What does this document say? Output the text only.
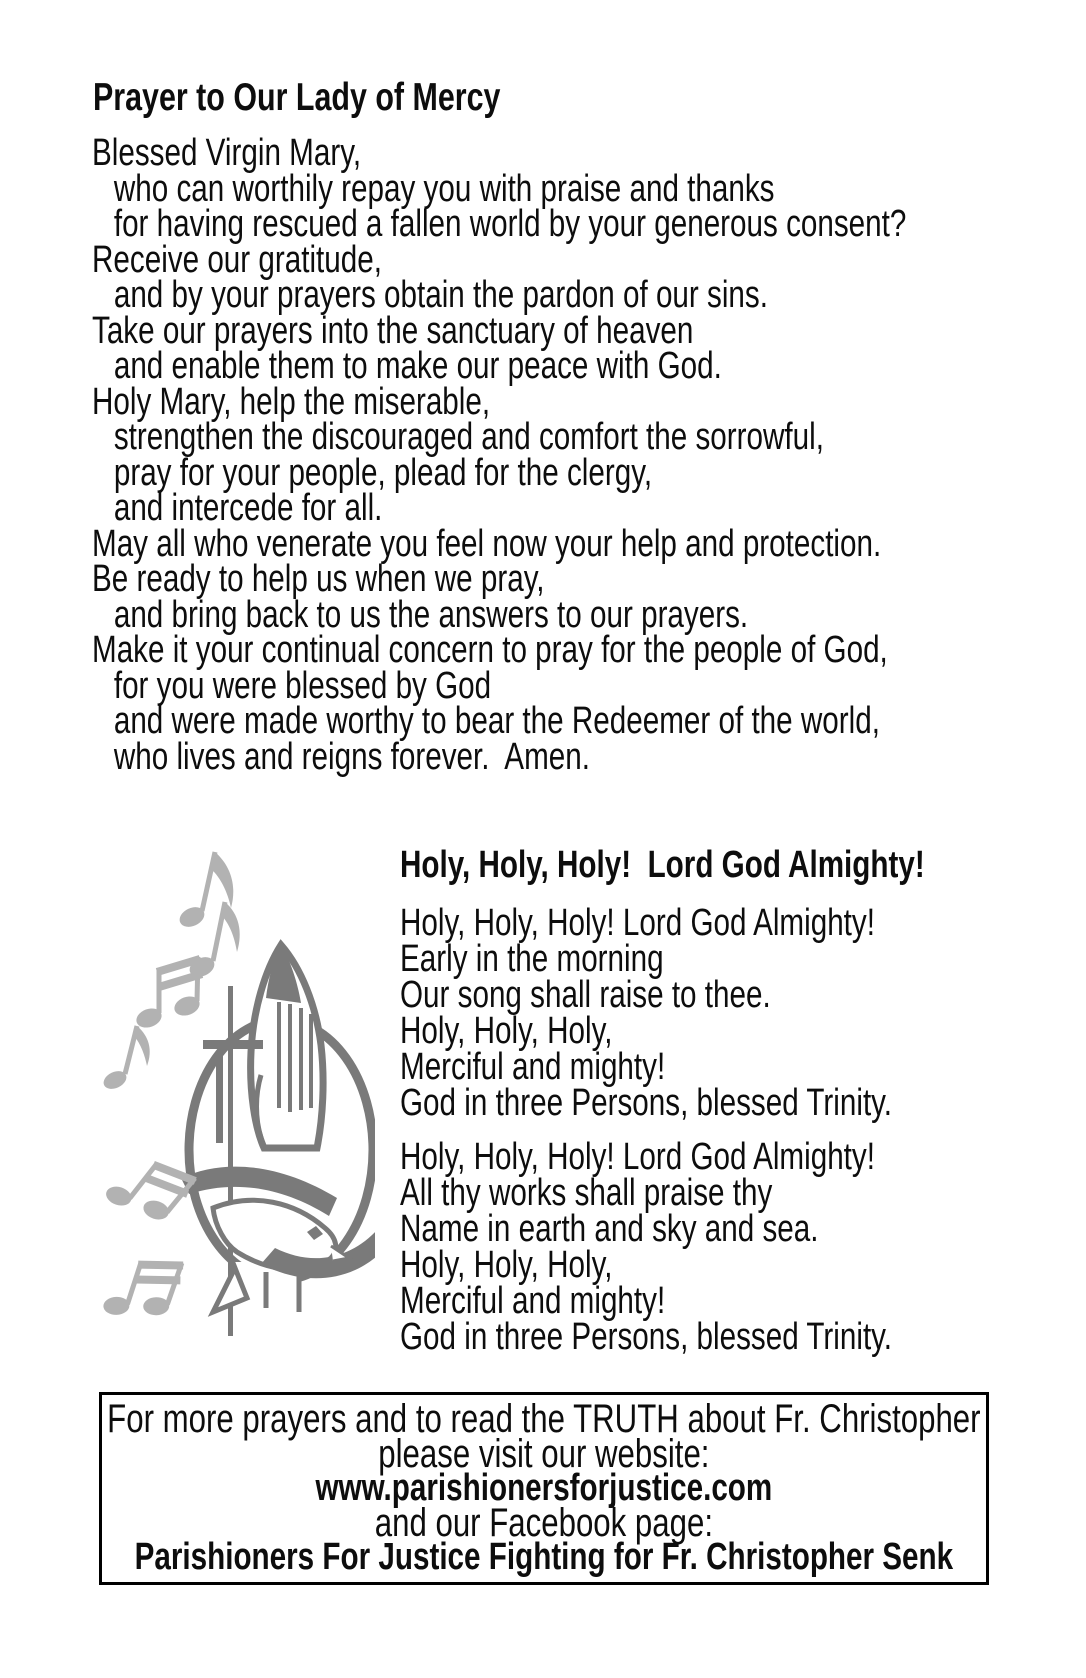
Prayer to Our Lady of Mercy
Blessed Virgin Mary,
who can worthily repay you with praise and thanks
for having rescued a fallen world by your generous consent?
Receive our gratitude,
and by your prayers obtain the pardon of our sins.
Take our prayers into the sanctuary of heaven
and enable them to make our peace with God.
Holy Mary, help the miserable,
strengthen the discouraged and comfort the sorrowful,
pray for your people, plead for the clergy,
and intercede for all.
May all who venerate you feel now your help and protection.
Be ready to help us when we pray,
and bring back to us the answers to our prayers.
Make it your continual concern to pray for the people of God,
for you were blessed by God
and were made worthy to bear the Redeemer of the world,
who lives and reigns forever.  Amen.
Holy, Holy, Holy!  Lord God Almighty!
Holy, Holy, Holy! Lord God Almighty!
Early in the morning
Our song shall raise to thee.
Holy, Holy, Holy,
Merciful and mighty!
God in three Persons, blessed Trinity.
Holy, Holy, Holy! Lord God Almighty!
All thy works shall praise thy
Name in earth and sky and sea.
Holy, Holy, Holy,
Merciful and mighty!
God in three Persons, blessed Trinity.
For more prayers and to read the TRUTH about Fr. Christopher
please visit our website:
www.parishionersforjustice.com
and our Facebook page:
Parishioners For Justice Fighting for Fr. Christopher Senk
